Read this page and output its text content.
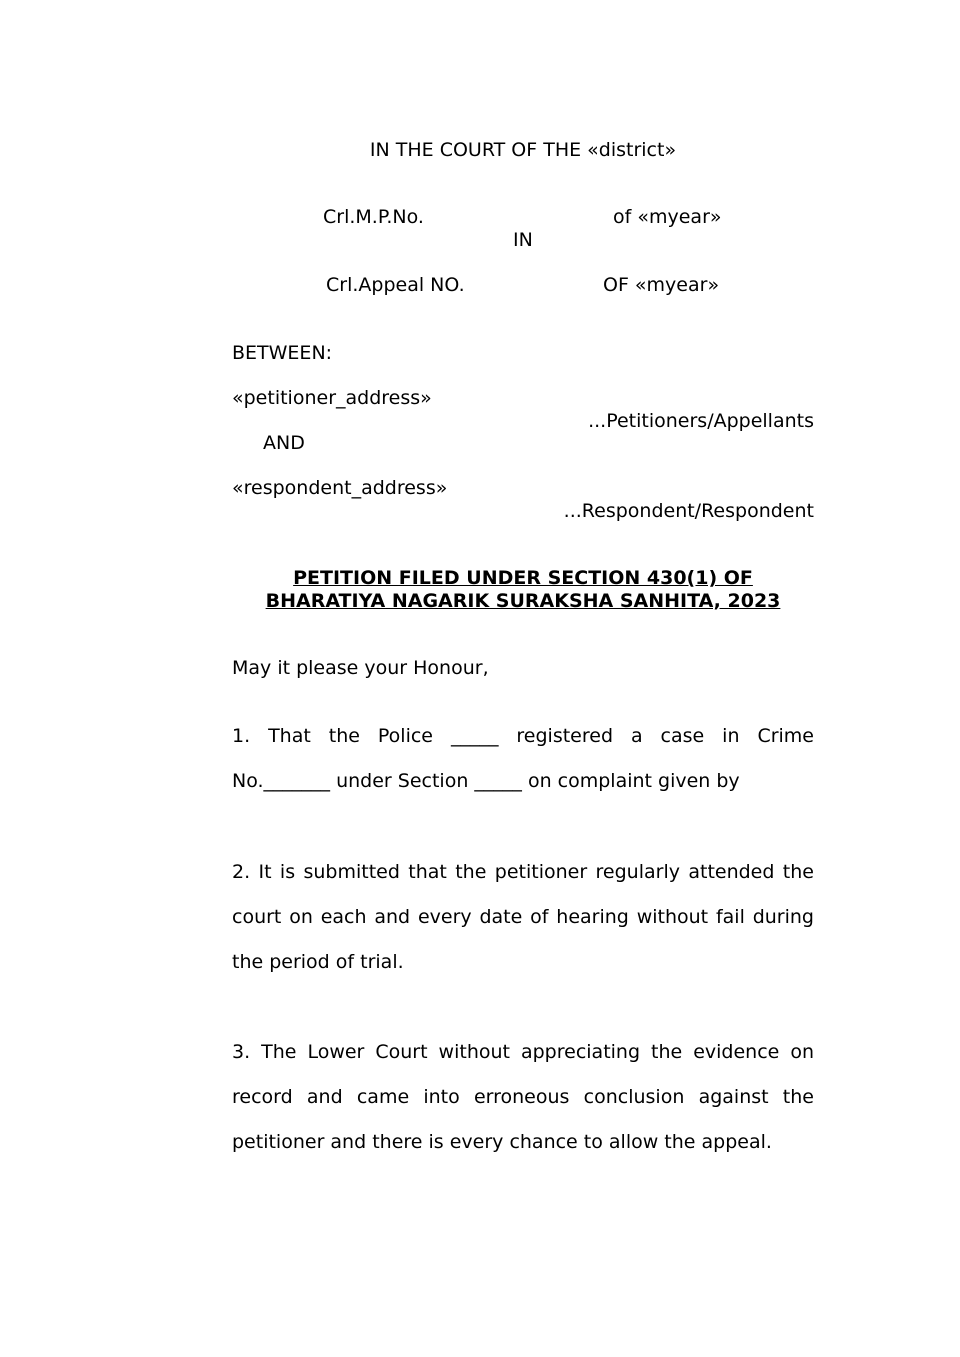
IN THE COURT OF THE «district»
Crl.M.P.No.	of «myear»
IN
Crl.Appeal NO.	OF «myear»
BETWEEN:
«petitioner_address»
...Petitioners/Appellants
AND
«respondent_address»
...Respondent/Respondent
PETITION FILED UNDER SECTION 430(1) OF
BHARATIYA NAGARIK SURAKSHA SANHITA, 2023
May it please your Honour,
1. That the Police _____ registered a case in Crime
No._______ under Section _____ on complaint given by
2. It is submitted that the petitioner regularly attended the
court on each and every date of hearing without fail during
the period of trial.
3. The Lower Court without appreciating the evidence on
record and came into erroneous conclusion against the
petitioner and there is every chance to allow the appeal.
